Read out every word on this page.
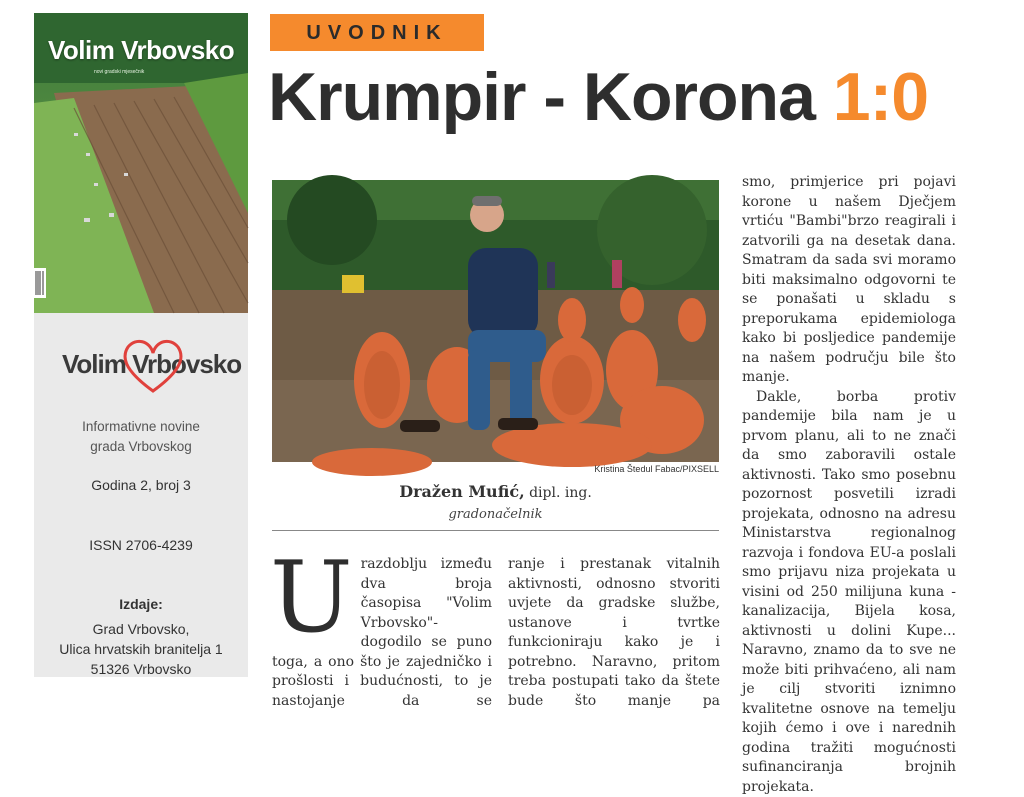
Volim Vrbovsko
novi gradski mjesečnik
Volim Vrbovsko
Informativne novine
grada Vrbovskog
Godina 2, broj 3
ISSN 2706-4239
Izdaje:
Grad Vrbovsko,
Ulica hrvatskih branitelja 1
51326 Vrbovsko
UVODNIK
Krumpir - Korona 1:0
Kristina Štedul Fabac/PIXSELL
Dražen Mufić, dipl. ing.
gradonačelnik
U razdoblju između dva broja časopisa "Volim Vrbovsko"- dogodilo se puno toga, a ono što je zajedničko i prošlosti i budućnosti, to je nastojanje da se

ranje i prestanak vitalnih aktivnosti, odnosno stvoriti uvjete da gradske službe, ustanove i tvrtke funkcioniraju kako je i potrebno. Naravno, pritom treba postupati tako da štete bude što manje pa

smo, primjerice pri pojavi korone u našem Dječjem vrtiću "Bambi"brzo reagirali i zatvorili ga na desetak dana. Smatram da sada svi moramo biti maksimalno odgovorni te se ponašati u skladu s preporukama epidemiologa kako bi posljedice pandemije na našem području bile što manje.

Dakle, borba protiv pandemije bila nam je u prvom planu, ali to ne znači da smo zaboravili ostale aktivnosti. Tako smo posebnu pozornost posvetili izradi projekata, odnosno na adresu Ministarstva regionalnog razvoja i fondova EU-a poslali smo prijavu niza projekata u visini od 250 milijuna kuna - kanalizacija, Bijela kosa, aktivnosti u dolini Kupe... Naravno, znamo da to sve ne može biti prihvaćeno, ali nam je cilj stvoriti iznimno kvalitetne osnove na temelju kojih ćemo i ove i narednih godina tražiti mogućnosti sufinanciranja brojnih projekata.
